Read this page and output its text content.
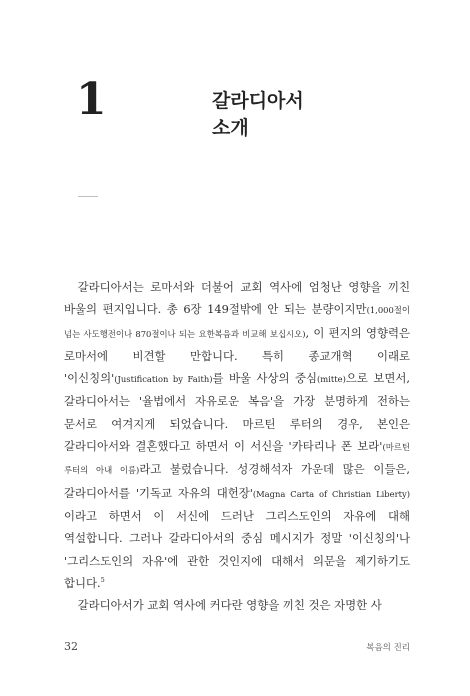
1	갈라디아서
소개

갈라디아서는 로마서와 더불어 교회 역사에 엄청난 영향을 끼친 바울의 편지입니다. 총 6장 149절밖에 안 되는 분량이지만(1,000절이 넘는 사도행전이나 870절이나 되는 요한복음과 비교해 보십시오), 이 편지의 영향력은 로마서에 비견할 만합니다. 특히 종교개혁 이래로 '이신칭의'(Justification by Faith)를 바울 사상의 중심(mitte)으로 보면서, 갈라디아서는 '율법에서 자유로운 복음'을 가장 분명하게 전하는 문서로 여겨지게 되었습니다. 마르틴 루터의 경우, 본인은 갈라디아서와 결혼했다고 하면서 이 서신을 '카타리나 폰 보라'(마르틴 루터의 아내 이름)라고 불렀습니다. 성경해석자 가운데 많은 이들은, 갈라디아서를 '기독교 자유의 대헌장'(Magna Carta of Christian Liberty)이라고 하면서 이 서신에 드러난 그리스도인의 자유에 대해 역설합니다. 그러나 갈라디아서의 중심 메시지가 정말 '이신칭의'나 '그리스도인의 자유'에 관한 것인지에 대해서 의문을 제기하기도 합니다.$^5$

갈라디아서가 교회 역사에 커다란 영향을 끼친 것은 자명한 사

32	복음의 진리
